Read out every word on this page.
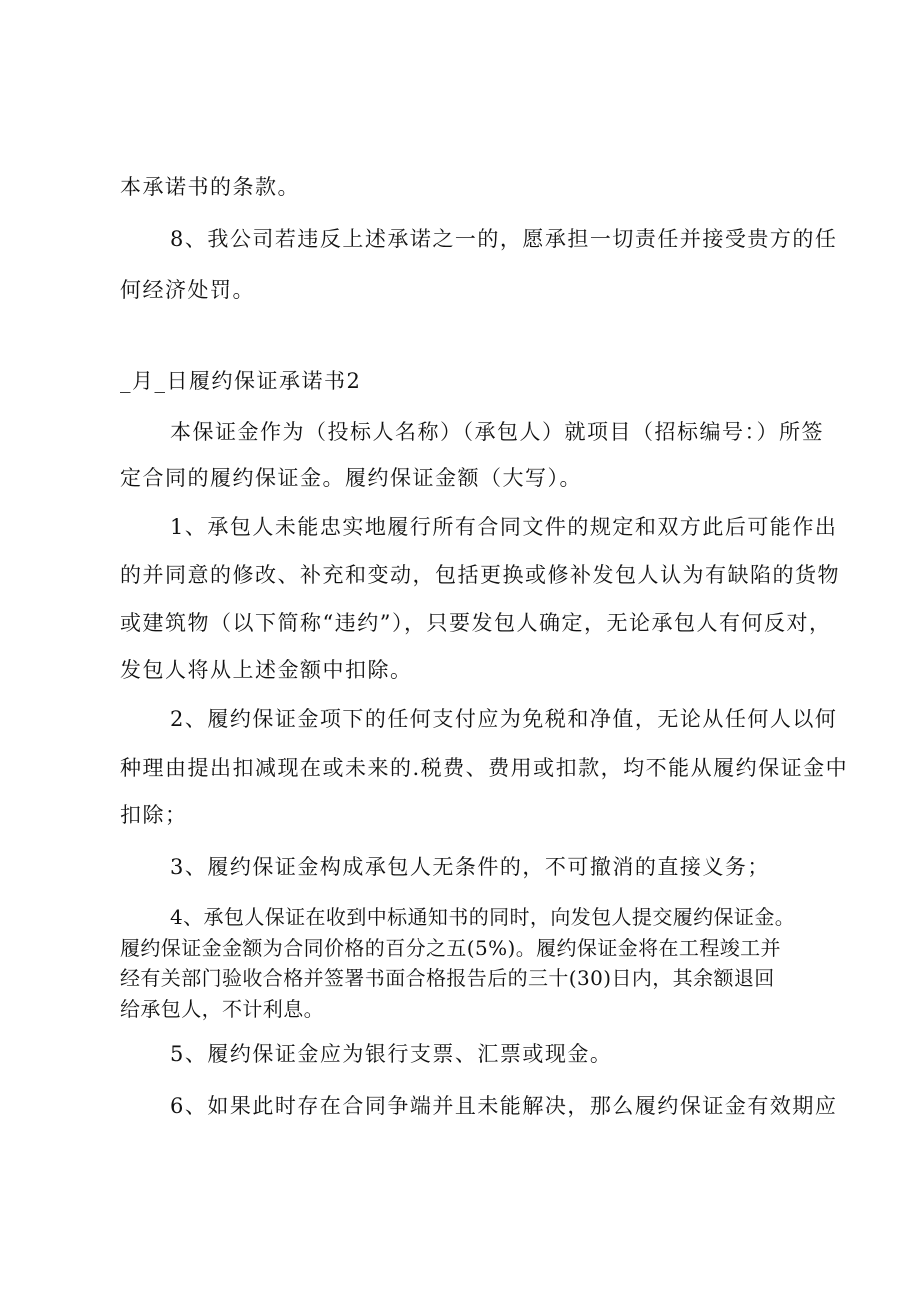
本承诺书的条款。
8、我公司若违反上述承诺之一的，愿承担一切责任并接受贵方的任
何经济处罚。
_月_日履约保证承诺书2
本保证金作为（投标人名称）（承包人）就项目（招标编号：）所签
定合同的履约保证金。履约保证金额（大写）。
1、承包人未能忠实地履行所有合同文件的规定和双方此后可能作出
的并同意的修改、补充和变动，包括更换或修补发包人认为有缺陷的货物
或建筑物（以下简称“违约”），只要发包人确定，无论承包人有何反对，
发包人将从上述金额中扣除。
2、履约保证金项下的任何支付应为免税和净值，无论从任何人以何
种理由提出扣减现在或未来的.税费、费用或扣款，均不能从履约保证金中
扣除；
3、履约保证金构成承包人无条件的，不可撤消的直接义务；
4、承包人保证在收到中标通知书的同时，向发包人提交履约保证金。
履约保证金金额为合同价格的百分之五(5%)。履约保证金将在工程竣工并
经有关部门验收合格并签署书面合格报告后的三十(30)日内，其余额退回
给承包人，不计利息。
5、履约保证金应为银行支票、汇票或现金。
6、如果此时存在合同争端并且未能解决，那么履约保证金有效期应
